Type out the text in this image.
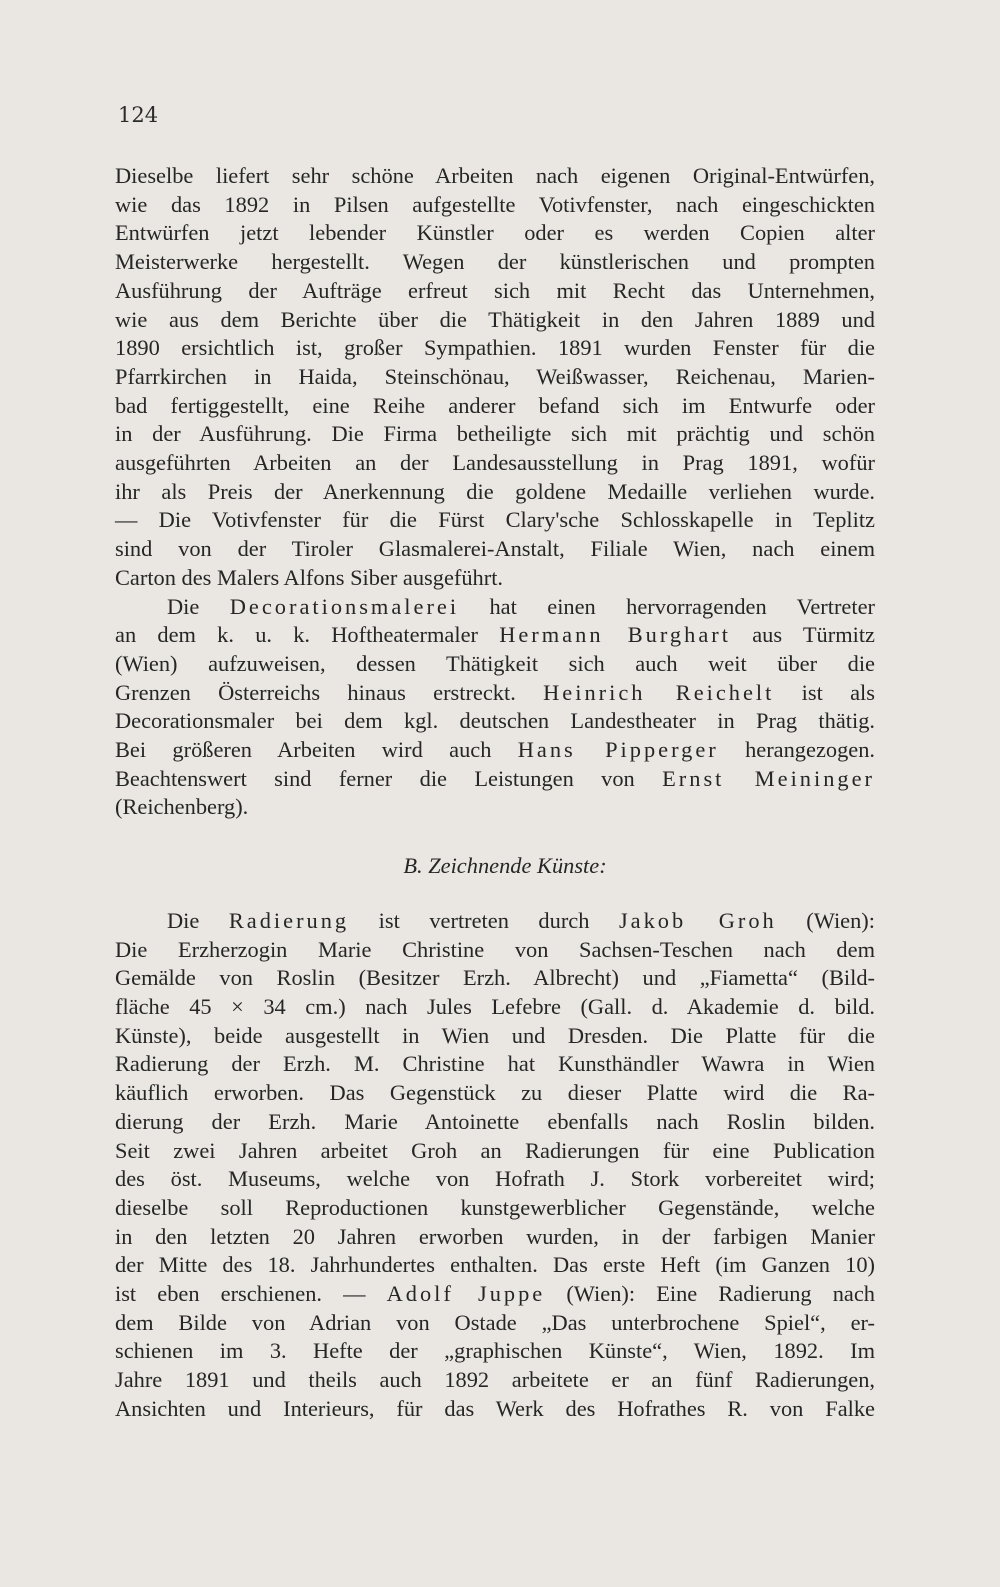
124
Dieselbe liefert sehr schöne Arbeiten nach eigenen Original-Entwürfen,
wie das 1892 in Pilsen aufgestellte Votivfenster, nach eingeschickten
Entwürfen jetzt lebender Künstler oder es werden Copien alter
Meisterwerke hergestellt. Wegen der künstlerischen und prompten
Ausführung der Aufträge erfreut sich mit Recht das Unternehmen,
wie aus dem Berichte über die Thätigkeit in den Jahren 1889 und
1890 ersichtlich ist, großer Sympathien. 1891 wurden Fenster für die
Pfarrkirchen in Haida, Steinschönau, Weißwasser, Reichenau, Marien-
bad fertiggestellt, eine Reihe anderer befand sich im Entwurfe oder
in der Ausführung. Die Firma betheiligte sich mit prächtig und schön
ausgeführten Arbeiten an der Landesausstellung in Prag 1891, wofür
ihr als Preis der Anerkennung die goldene Medaille verliehen wurde.
— Die Votivfenster für die Fürst Clary'sche Schlosskapelle in Teplitz
sind von der Tiroler Glasmalerei-Anstalt, Filiale Wien, nach einem
Carton des Malers Alfons Siber ausgeführt.
Die Decorationsmalerei hat einen hervorragenden Vertreter
an dem k. u. k. Hoftheatermaler Hermann Burghart aus Türmitz
(Wien) aufzuweisen, dessen Thätigkeit sich auch weit über die
Grenzen Österreichs hinaus erstreckt. Heinrich Reichelt ist als
Decorationsmaler bei dem kgl. deutschen Landestheater in Prag thätig.
Bei größeren Arbeiten wird auch Hans Pipperger herangezogen.
Beachtenswert sind ferner die Leistungen von Ernst Meininger
(Reichenberg).
B. Zeichnende Künste:
Die Radierung ist vertreten durch Jakob Groh (Wien):
Die Erzherzogin Marie Christine von Sachsen-Teschen nach dem
Gemälde von Roslin (Besitzer Erzh. Albrecht) und „Fiametta“ (Bild-
fläche 45 × 34 cm.) nach Jules Lefebre (Gall. d. Akademie d. bild.
Künste), beide ausgestellt in Wien und Dresden. Die Platte für die
Radierung der Erzh. M. Christine hat Kunsthändler Wawra in Wien
käuflich erworben. Das Gegenstück zu dieser Platte wird die Ra-
dierung der Erzh. Marie Antoinette ebenfalls nach Roslin bilden.
Seit zwei Jahren arbeitet Groh an Radierungen für eine Publication
des öst. Museums, welche von Hofrath J. Stork vorbereitet wird;
dieselbe soll Reproductionen kunstgewerblicher Gegenstände, welche
in den letzten 20 Jahren erworben wurden, in der farbigen Manier
der Mitte des 18. Jahrhundertes enthalten. Das erste Heft (im Ganzen 10)
ist eben erschienen. — Adolf Juppe (Wien): Eine Radierung nach
dem Bilde von Adrian von Ostade „Das unterbrochene Spiel“, er-
schienen im 3. Hefte der „graphischen Künste“, Wien, 1892. Im
Jahre 1891 und theils auch 1892 arbeitete er an fünf Radierungen,
Ansichten und Interieurs, für das Werk des Hofrathes R. von Falke
